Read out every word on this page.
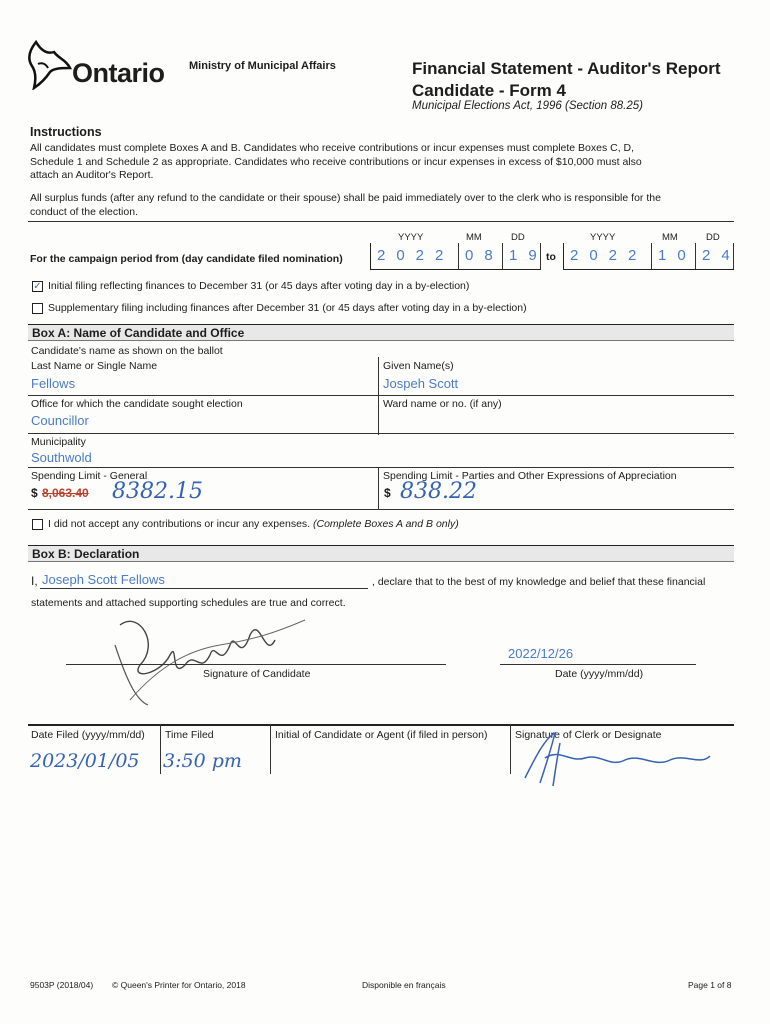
Ontario Ministry of Municipal Affairs	Financial Statement - Auditor's Report
Candidate - Form 4
Municipal Elections Act, 1996 (Section 88.25)
Instructions
All candidates must complete Boxes A and B. Candidates who receive contributions or incur expenses must complete Boxes C, D,
Schedule 1 and Schedule 2 as appropriate. Candidates who receive contributions or incur expenses in excess of $10,000 must also
attach an Auditor's Report.
All surplus funds (after any refund to the candidate or their spouse) shall be paid immediately over to the clerk who is responsible for the
conduct of the election.
YYYY	MM	DD	YYYY	MM	DD
For the campaign period from (day candidate filed nomination)	2022 08 19
to 2022 10 24
✓ Initial filing reflecting finances to December 31 (or 45 days after voting day in a by-election)
Supplementary filing including finances after December 31 (or 45 days after voting day in a by-election)
Box A: Name of Candidate and Office
Candidate's name as shown on the ballot
Last Name or Single Name
Fellows
Given Name(s)
Jospeh Scott
Office for which the candidate sought election
Councillor
Ward name or no. (if any)
Municipality
Southwold
Spending Limit - General	Spending Limit - Parties and Other Expressions of Appreciation
$ 8,063.40 8382.15	$ 838.22
I did not accept any contributions or incur any expenses. (Complete Boxes A and B only)
Box B: Declaration
I, Joseph Scott Fellows	, declare that to the best of my knowledge and belief that these financial
statements and attached supporting schedules are true and correct.
Signature of Candidate
2022/12/26
Date (yyyy/mm/dd)
Date Filed (yyyy/mm/dd)
2023/01/05
Time Filed
3:50 pm
Initial of Candidate or Agent (if filed in person)	Signature of Clerk or Designate
9503P (2018/04) © Queen's Printer for Ontario, 2018	Disponible en français	Page 1 of 8
